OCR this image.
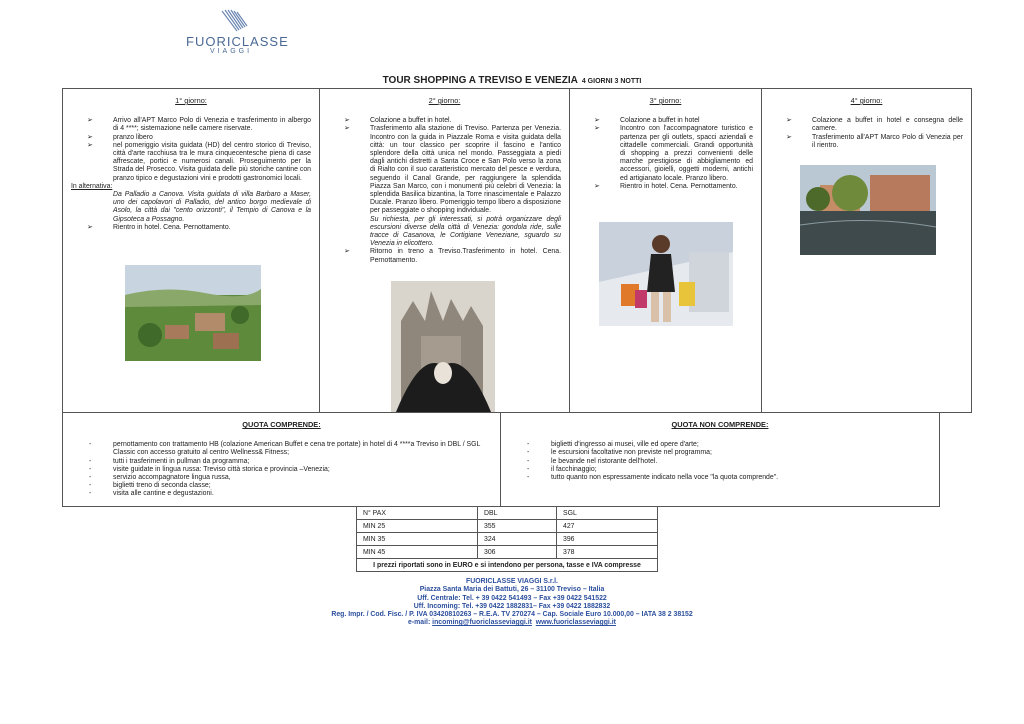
FUORICLASSE
VIAGGI
TOUR SHOPPING A TREVISO E VENEZIA 4 GIORNI 3 NOTTI
1° giorno:
➢ Arrivo all'APT Marco Polo di Venezia e trasferimento in albergo di 4 ****; sistemazione nelle camere riservate.
➢ pranzo libero
➢ nel pomeriggio visita guidata (HD) del centro storico di Treviso, città d'arte racchiusa tra le mura cinquecentesche piena di case affrescate, portici e numerosi canali. Proseguimento per la Strada del Prosecco. Visita guidata delle più storiche cantine con pranzo tipico e degustazioni vini e prodotti gastronomici locali.
In alternativa:
Da Palladio a Canova. Visita guidata di villa Barbaro a Maser, uno dei capolavori di Palladio, del antico borgo medievale di Asolo, la città dai "cento orizzonti", il Tempio di Canova e la Gipsoteca a Possagno.
➢ Rientro in hotel. Cena. Pernottamento.
2° giorno:
➢ Colazione a buffet in hotel.
➢ Trasferimento alla stazione di Treviso. Partenza per Venezia. Incontro con la guida in Piazzale Roma e visita guidata della città: un tour classico per scoprire il fascino e l'antico splendore della città unica nel mondo. Passeggiata a piedi dagli antichi distretti a Santa Croce e San Polo verso la zona di Rialto con il suo caratteristico mercato del pesce e verdura, seguendo il Canal Grande, per raggiungere la splendida Piazza San Marco, con i monumenti più celebri di Venezia: la splendida Basilica bizantina, la Torre rinascimentale e Palazzo Ducale. Pranzo libero. Pomeriggio tempo libero a disposizione per passeggiate o shopping individuale.
Su richiesta, per gli interessati, si potrà organizzare degli escursioni diverse della città di Venezia: gondola ride, sulle tracce di Casanova, le Cortigiane Veneziane, sguardo su Venezia in elicottero.
➢ Ritorno in treno a Treviso.Trasferimento in hotel. Cena. Pernottamento.
3° giorno:
➢ Colazione a buffet in hotel
➢ Incontro con l'accompagnatore turistico e partenza per gli outlets, spacci aziendali e cittadelle commerciali. Grandi opportunità di shopping a prezzi convenienti delle marche prestigiose di abbigliamento ed accessori, gioielli, oggetti moderni, antichi ed artigianato locale. Pranzo libero.
➢ Rientro in hotel. Cena. Pernottamento.
4° giorno:
➢ Colazione a buffet in hotel e consegna delle camere.
➢ Trasferimento all'APT Marco Polo di Venezia per il rientro.
QUOTA COMPRENDE:
- pernottamento con trattamento HB (colazione American Buffet e cena tre portate) in hotel di 4 ****a Treviso in DBL / SGL Classic con accesso gratuito al centro Wellness& Fitness;
- tutti i trasferimenti in pullman da programma;
- visite guidate in lingua russa: Treviso città storica e provincia –Venezia;
- servizio accompagnatore lingua russa,
- biglietti treno di seconda classe;
- visita alle cantine e degustazioni.
QUOTA NON COMPRENDE:
- biglietti d'ingresso ai musei, ville ed opere d'arte;
- le escursioni facoltative non previste nel programma;
- le bevande nel ristorante dell'hotel.
- il facchinaggio;
- tutto quanto non espressamente indicato nella voce "la quota comprende".
N° PAX	DBL	SGL
MIN 25	355	427
MIN 35	324	396
MIN 45	306	378
I prezzi riportati sono in EURO e si intendono per persona, tasse e IVA compresse		
FUORICLASSE VIAGGI S.r.l.
Piazza Santa Maria dei Battuti, 26 – 31100 Treviso – Italia
Uff. Centrale: Tel. + 39 0422 541493 – Fax +39 0422 541522
Uff. Incoming: Tel. +39 0422 1882831– Fax +39 0422 1882832
Reg. Impr. / Cod. Fisc. / P. IVA 03420810263 – R.E.A. TV 270274 – Cap. Sociale Euro 10.000,00 – IATA 38 2 38152
e-mail: incoming@fuoriclasseviaggi.it www.fuoriclasseviaggi.it
